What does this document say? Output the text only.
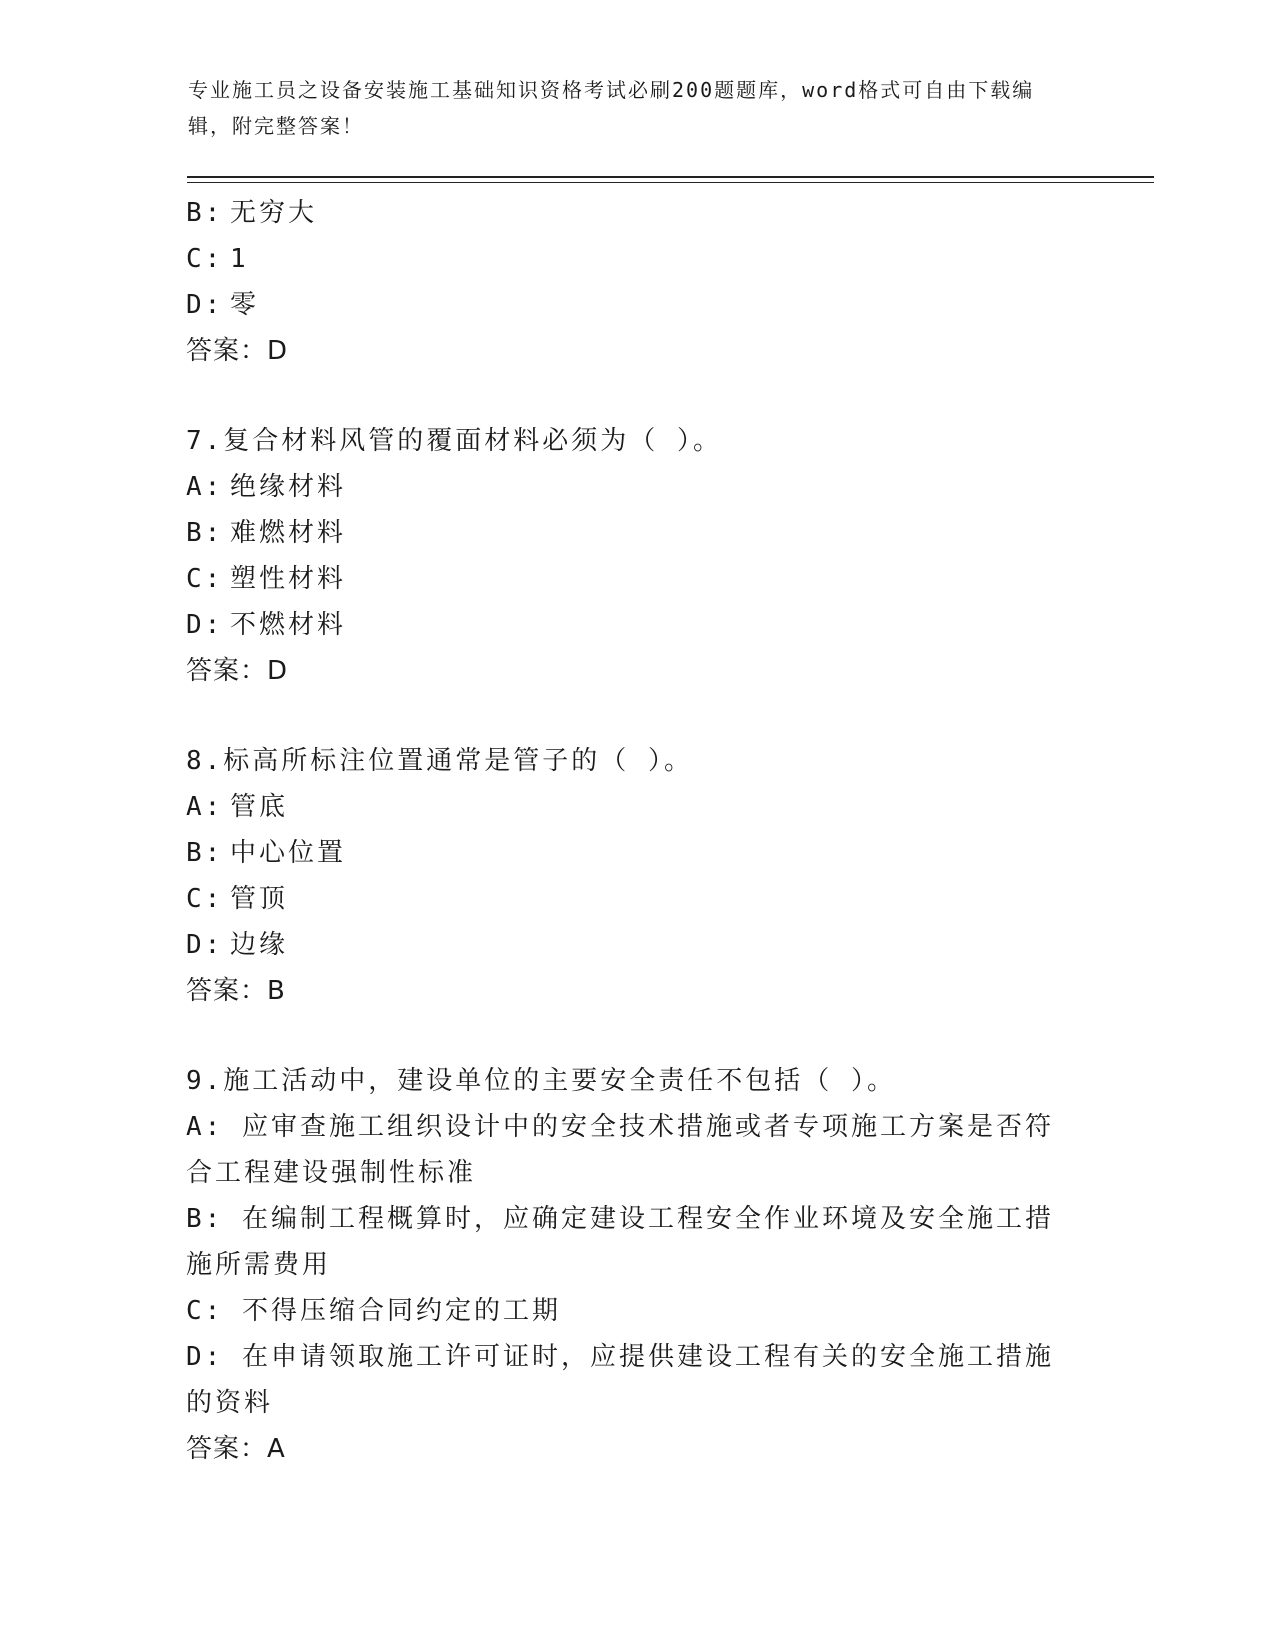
专业施工员之设备安装施工基础知识资格考试必刷200题题库，word格式可自由下载编辑，附完整答案！
B: 无穷大
C: 1
D: 零
答案：D
7.复合材料风管的覆面材料必须为（ ）。
A: 绝缘材料
B: 难燃材料
C: 塑性材料
D: 不燃材料
答案：D
8.标高所标注位置通常是管子的（ ）。
A: 管底
B: 中心位置
C: 管顶
D: 边缘
答案：B
9.施工活动中，建设单位的主要安全责任不包括（ ）。
A: 应审查施工组织设计中的安全技术措施或者专项施工方案是否符合工程建设强制性标准
B: 在编制工程概算时，应确定建设工程安全作业环境及安全施工措施所需费用
C: 不得压缩合同约定的工期
D: 在申请领取施工许可证时，应提供建设工程有关的安全施工措施的资料
答案：A
